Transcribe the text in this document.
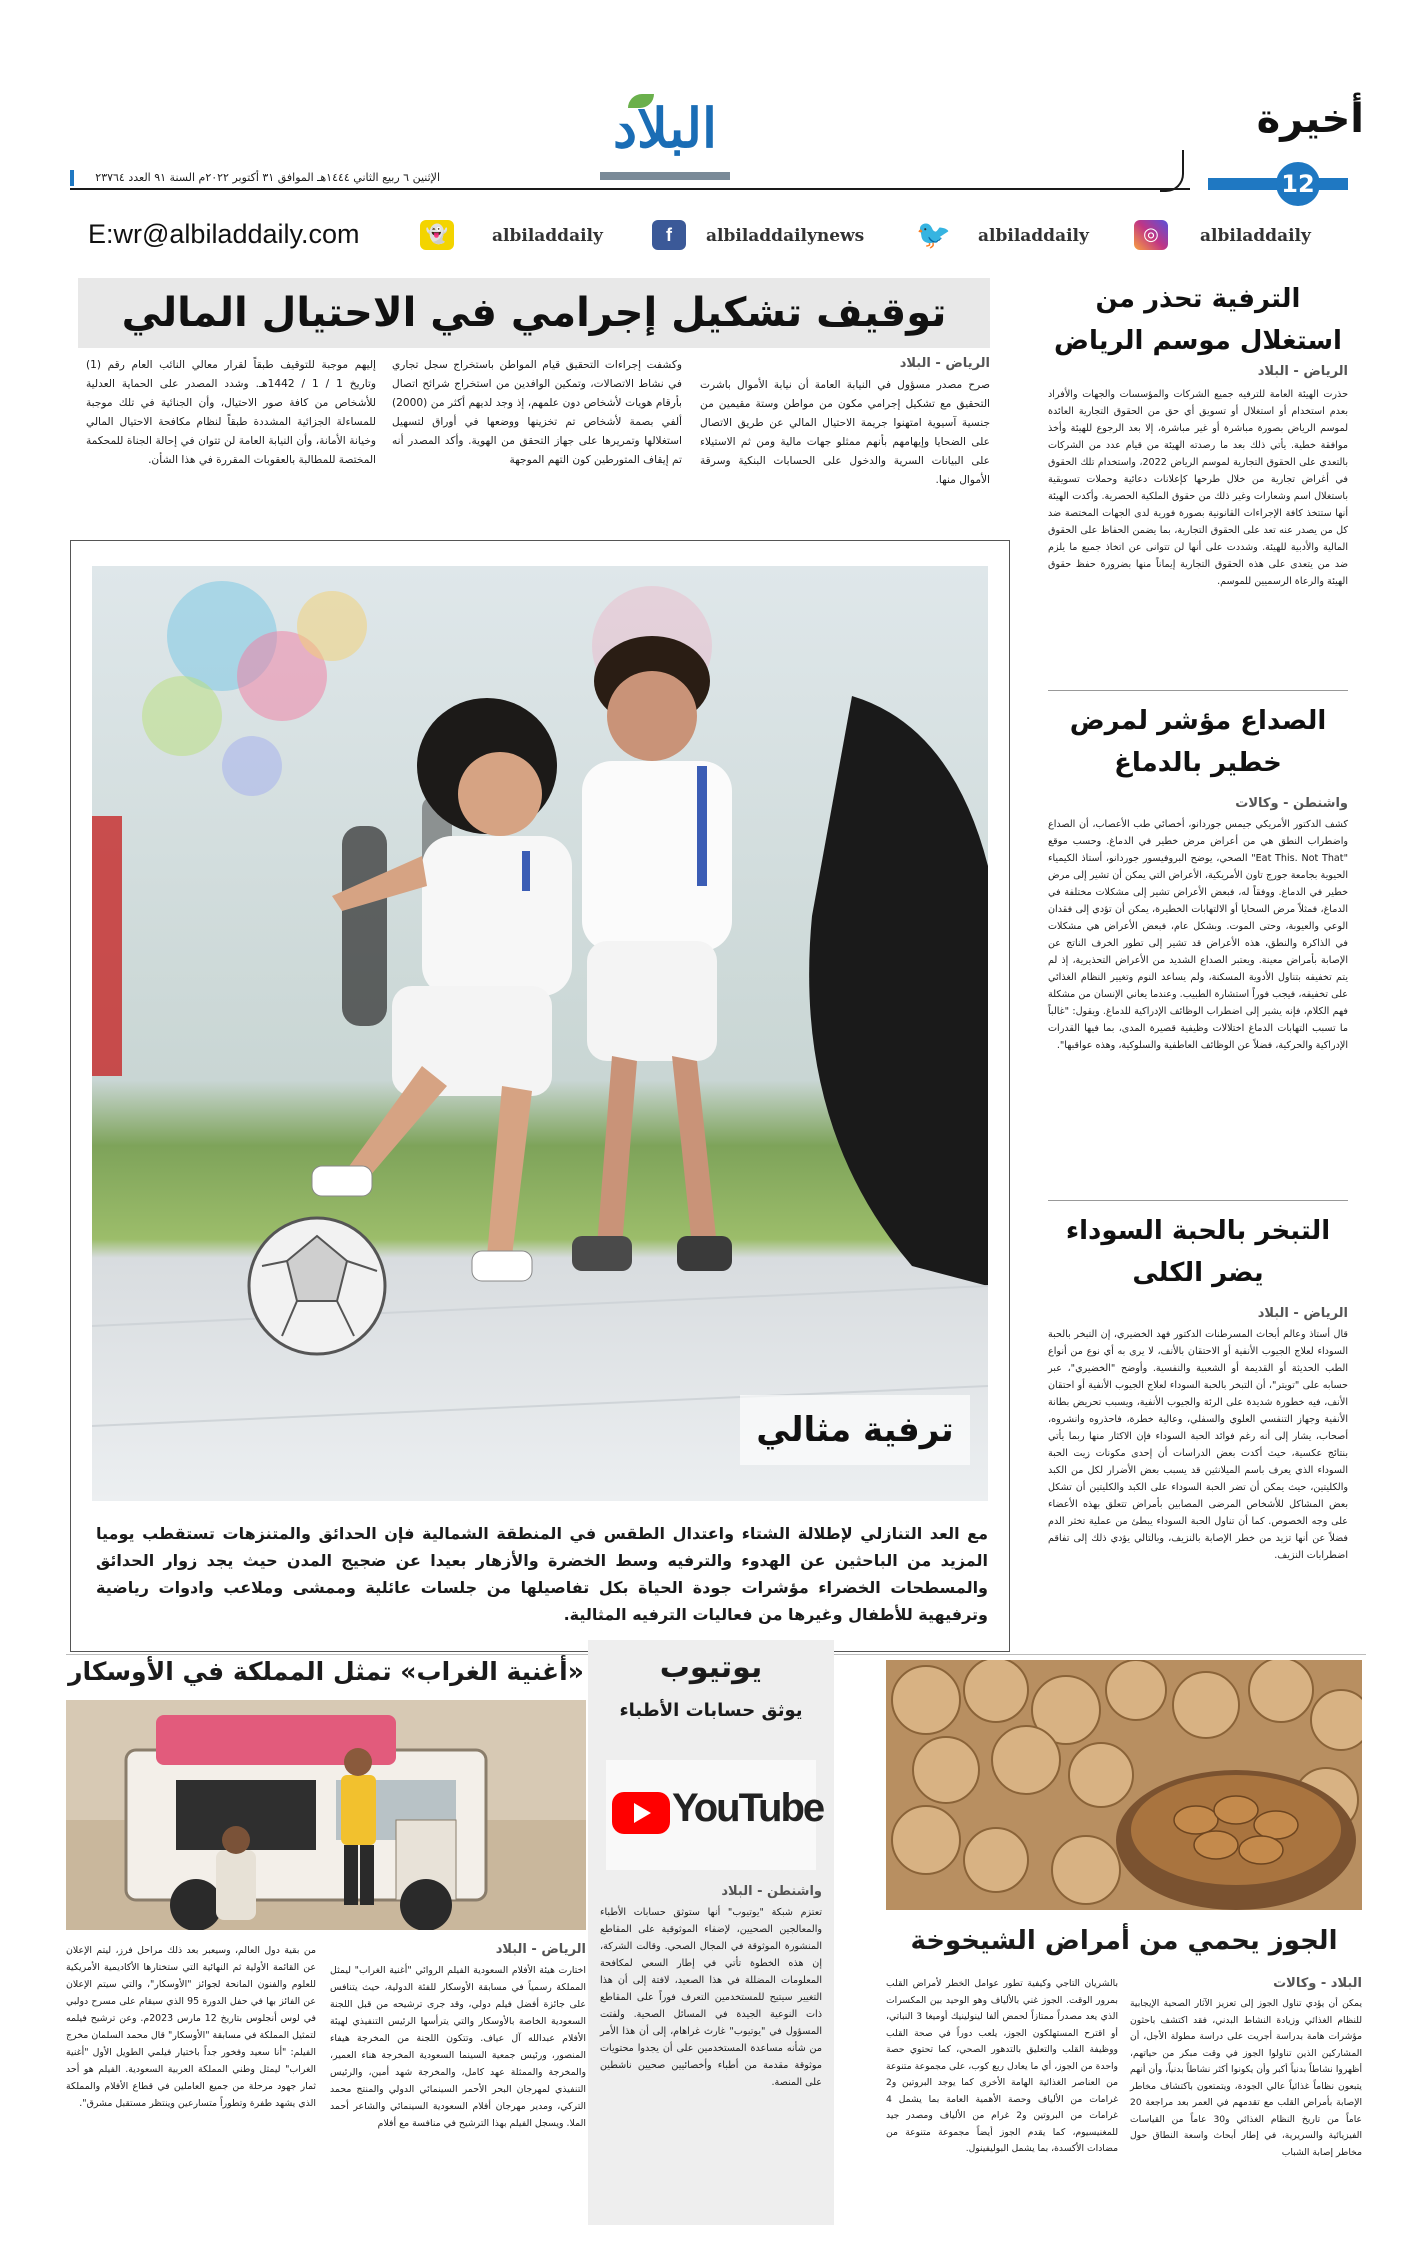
البلاد	أخيرة
12
الإثنين ٦ ربيع الثاني ١٤٤٤هـ الموافق ٣١ أكتوبر ٢٠٢٢م السنة ٩١ العدد ٢٣٧٦٤
albiladdaily
◎
albiladdaily
🐦
albiladdailynews
f
albiladdaily
👻
E:wr@albiladdaily.com
توقيف تشكيل إجرامي في الاحتيال المالي
الرياض - البلاد
صرح مصدر مسؤول في النيابة العامة أن نيابة الأموال باشرت التحقيق مع تشكيل إجرامي مكون من مواطن وستة مقيمين من جنسية آسيوية امتهنوا جريمة الاحتيال المالي عن طريق الاتصال على الضحايا وإيهامهم بأنهم ممثلو جهات مالية ومن ثم الاستيلاء على البيانات السرية والدخول على الحسابات البنكية وسرقة الأموال منها.
وكشفت إجراءات التحقيق قيام المواطن باستخراج سجل تجاري في نشاط الاتصالات، وتمكين الوافدين من استخراج شرائح اتصال بأرقام هويات لأشخاص دون علمهم، إذ وجد لديهم أكثر من (2000) ألفي بصمة لأشخاص تم تخزينها ووضعها في أوراق لتسهيل استغلالها وتمريرها على جهاز التحقق من الهوية. وأكد المصدر أنه تم إيقاف المتورطين كون التهم الموجهة
إليهم موجبة للتوقيف طبقاً لقرار معالي النائب العام رقم (1) وتاريخ 1 / 1 / 1442هـ. وشدد المصدر على الحماية العدلية للأشخاص من كافة صور الاحتيال، وأن الجنائية في تلك موجبة للمساءلة الجزائية المشددة طبقاً لنظام مكافحة الاحتيال المالي وخيانة الأمانة، وأن النيابة العامة لن تتوان في إحالة الجناة للمحكمة المختصة للمطالبة بالعقوبات المقررة في هذا الشأن.
ترفية مثالي
مع العد التنازلي لإطلالة الشتاء واعتدال الطقس في المنطقة الشمالية فإن الحدائق والمتنزهات تستقطب يوميا المزيد من الباحثين عن الهدوء والترفيه وسط الخضرة والأزهار بعيدا عن ضجيج المدن حيث يجد زوار الحدائق والمسطحات الخضراء مؤشرات جودة الحياة بكل تفاصيلها من جلسات عائلية وممشى وملاعب وادوات رياضية وترفيهية للأطفال وغيرها من فعاليات الترفيه المثالية.
الترفية تحذر من استغلال موسم الرياض
الرياض - البلاد
حذرت الهيئة العامة للترفيه جميع الشركات والمؤسسات والجهات والأفراد بعدم استخدام أو استغلال أو تسويق أي حق من الحقوق التجارية العائدة لموسم الرياض بصورة مباشرة أو غير مباشرة، إلا بعد الرجوع للهيئة وأخذ موافقة خطية. يأتي ذلك بعد ما رصدته الهيئة من قيام عدد من الشركات بالتعدي على الحقوق التجارية لموسم الرياض 2022، واستخدام تلك الحقوق في أغراض تجارية من خلال طرحها كإعلانات دعائية وحملات تسويقية باستغلال اسم وشعارات وغير ذلك من حقوق الملكية الحصرية. وأكدت الهيئة أنها ستتخذ كافة الإجراءات القانونية بصورة فورية لدى الجهات المختصة ضد كل من يصدر عنه تعد على الحقوق التجارية، بما يضمن الحفاظ على الحقوق المالية والأدبية للهيئة. وشددت على أنها لن تتوانى عن اتخاذ جميع ما يلزم ضد من يتعدى على هذه الحقوق التجارية إيماناً منها بضرورة حفظ حقوق الهيئة والرعاة الرسميين للموسم.
الصداع مؤشر لمرض خطير بالدماغ
واشنطن - وكالات
كشف الدكتور الأمريكي جيمس جوردانو، أخصائي طب الأعصاب، أن الصداع واضطراب النطق هي من أعراض مرض خطير في الدماغ. وحسب موقع "Eat This. Not That" الصحي، يوضح البروفيسور جوردانو، أستاذ الكيمياء الحيوية بجامعة جورج تاون الأمريكية، الأعراض التي يمكن أن تشير إلى مرض خطير في الدماغ. ووفقاً له، فبعض الأعراض تشير إلى مشكلات مختلفة في الدماغ، فمثلاً مرض السحايا أو الالتهابات الخطيرة، يمكن أن تؤدي إلى فقدان الوعي والعيوبة، وحتى الموت. وبشكل عام، فبعض الأعراض هي مشكلات في الذاكرة والنطق، هذه الأعراض قد تشير إلى تطور الخرف الناتج عن الإصابة بأمراض معينة. ويعتبر الصداع الشديد من الأعراض التحذيرية، إذ لم يتم تخفيفه بتناول الأدوية المسكنة، ولم يساعد النوم وتغيير النظام الغذائي على تخفيفه، فيجب فوراً استشارة الطبيب. وعندما يعاني الإنسان من مشكلة فهم الكلام، فإنه يشير إلى اضطراب الوظائف الإدراكية للدماغ. ويقول: "غالباً ما تسبب التهابات الدماغ اختلالات وظيفية قصيرة المدى، بما فيها القدرات الإدراكية والحركية، فضلاً عن الوظائف العاطفية والسلوكية، وهذه عواقبها".
التبخر بالحبة السوداء يضر الكلى
الرياض - البلاد
قال أستاذ وعالم أبحاث المسرطنات الدكتور فهد الخضيري، إن التبخر بالحبة السوداء لعلاج الجيوب الأنفية أو الاحتقان بالأنف، لا يرى به أي نوع من أنواع الطب الحديثة أو القديمة أو الشعبية والنفسية. وأوضح "الخضيري"، عبر حسابه على "تويتر"، أن التبخر بالحبة السوداء لعلاج الجيوب الأنفية أو احتقان الأنف، فيه خطورة شديدة على الرئة والجيوب الأنفية، ويسبب تحريض بطانة الأنفية وجهاز التنفسي العلوي والسفلي، وعالية خطرة، فاحذروه وانشروه، أصحاب، يشار إلى أنه رغم فوائد الحبة السوداء فإن الاكثار منها ربما يأتي بنتائج عكسية، حيث أكدت بعض الدراسات أن إحدى مكونات زيت الحبة السوداء الذي يعرف باسم الميلانثين قد يسبب بعض الأضرار لكل من الكبد والكليتين، حيث يمكن أن تضر الحبة السوداء على الكبد والكليتين أن تشكل بعض المشاكل للأشخاص المرضى المصابين بأمراض تتعلق بهذه الأعضاء على وجه الخصوص. كما أن تناول الحبة السوداء يبطئ من عملية تخثر الدم فضلاً عن أنها تزيد من خطر الإصابة بالنزيف، وبالتالي يؤدي ذلك إلى تفاقم اضطرابات النزيف.
«أغنية الغراب» تمثل المملكة في الأوسكار
الرياض - البلاد
اختارت هيئة الأفلام السعودية الفيلم الروائي "أغنية الغراب" ليمثل المملكة رسمياً في مسابقة الأوسكار للفئة الدولية، حيث يتنافس على جائزة أفضل فيلم دولي، وقد جرى ترشيحه من قبل اللجنة السعودية الخاصة بالأوسكار والتي يترأسها الرئيس التنفيذي لهيئة الأفلام عبدالله آل عياف. وتتكون اللجنة من المخرجة هيفاء المنصور، ورئيس جمعية السينما السعودية المخرجة هناء العمير، والمخرجة والممثلة عهد كامل، والمخرجة شهد أمين، والرئيس التنفيذي لمهرجان البحر الأحمر السينمائي الدولي والمنتج محمد التركي، ومدير مهرجان أفلام السعودية السينمائي والشاعر أحمد الملا. ويسجل الفيلم بهذا الترشيح في منافسة مع أفلام
من بقية دول العالم، وسيعبر بعد ذلك مراحل فرز، ليتم الإعلان عن القائمة الأولية ثم النهائية التي ستختارها الأكاديمية الأمريكية للعلوم والفنون المانحة لجوائز "الأوسكار"، والتي سيتم الإعلان عن الفائز بها في حفل الدورة 95 الذي سيقام على مسرح دولبي في لوس أنجلوس بتاريخ 12 مارس 2023م. وعن ترشيح فيلمه لتمثيل المملكة في مسابقة "الأوسكار" قال محمد السلمان مخرج الفيلم: "أنا سعيد وفخور جداً باختيار فيلمي الطويل الأول "أغنية الغراب" ليمثل وطني المملكة العربية السعودية. الفيلم هو أحد ثمار جهود مرحلة من جميع العاملين في قطاع الأفلام والمملكة الذي يشهد طفرة وتطوراً متسارعين وينتظر مستقبل مشرق".
يوتيوب
يوثق حسابات الأطباء
YouTube
واشنطن - البلاد
تعتزم شبكة "يوتيوب" أنها ستوثق حسابات الأطباء والمعالجين الصحيين، لإضفاء الموثوقية على المقاطع المنشورة الموثوقة في المجال الصحي. وقالت الشركة، إن هذه الخطوة تأتي في إطار السعي لمكافحة المعلومات المضللة في هذا الصعيد، لافتة إلى أن هذا التغيير سيتيح للمستخدمين التعرف فوراً على المقاطع ذات النوعية الجيدة في المسائل الصحية. ولفتت المسؤول في "يوتيوب" غارث غراهام، إلى أن هذا الأمر من شأنه مساعدة المستخدمين على أن يجدوا محتويات موثوقة مقدمة من أطباء وأخصائيين صحيين ناشطين على المنصة.
الجوز يحمي من أمراض الشيخوخة
البلاد - وكالات
يمكن أن يؤدي تناول الجوز إلى تعزيز الآثار الصحية الإيجابية للنظام الغذائي وزيادة النشاط البدني، فقد اكتشف باحثون مؤشرات هامة بدراسة أجريت على دراسة مطولة الأجل، أن المشاركين الذين تناولوا الجوز في وقت مبكر من حياتهم، أظهروا نشاطاً بدنياً أكبر وأن يكونوا أكثر نشاطاً بدنياً، وأن أنهم يتبعون نظاماً غذائياً عالي الجودة، ويتمتعون باكتشاف مخاطر الإصابة بأمراض القلب مع تقدمهم في العمر بعد مراجعة 20 عاماً من تاريخ النظام الغذائي و30 عاماً من القياسات الفيزيائية والسريرية، في إطار أبحاث واسعة النطاق حول مخاطر إصابة الشباب
بالشريان التاجي وكيفية تطور عوامل الخطر لأمراض القلب بمرور الوقت. الجوز غني بالألياف وهو الوحيد بين المكسرات الذي يعد مصدراً ممتازاً لحمض ألفا لينولينيك أوميغا 3 النباتي، أو اقترح المستهلكون الجوز، يلعب دوراً في صحة القلب ووظيفة القلب والتعليق بالتدهور الصحي، كما تحتوي حصة واحدة من الجوز، أي ما يعادل ربع كوب، على مجموعة متنوعة من العناصر الغذائية الهامة الأخرى كما يوجد البروتين و2 غرامات من الألياف وحصة الأهمية العامة بما يشمل 4 غرامات من البروتين و2 غرام من الألياف ومصدر جيد للمغنيسيوم، كما يقدم الجوز أيضاً مجموعة متنوعة من مضادات الأكسدة، بما يشمل البوليفينول.
